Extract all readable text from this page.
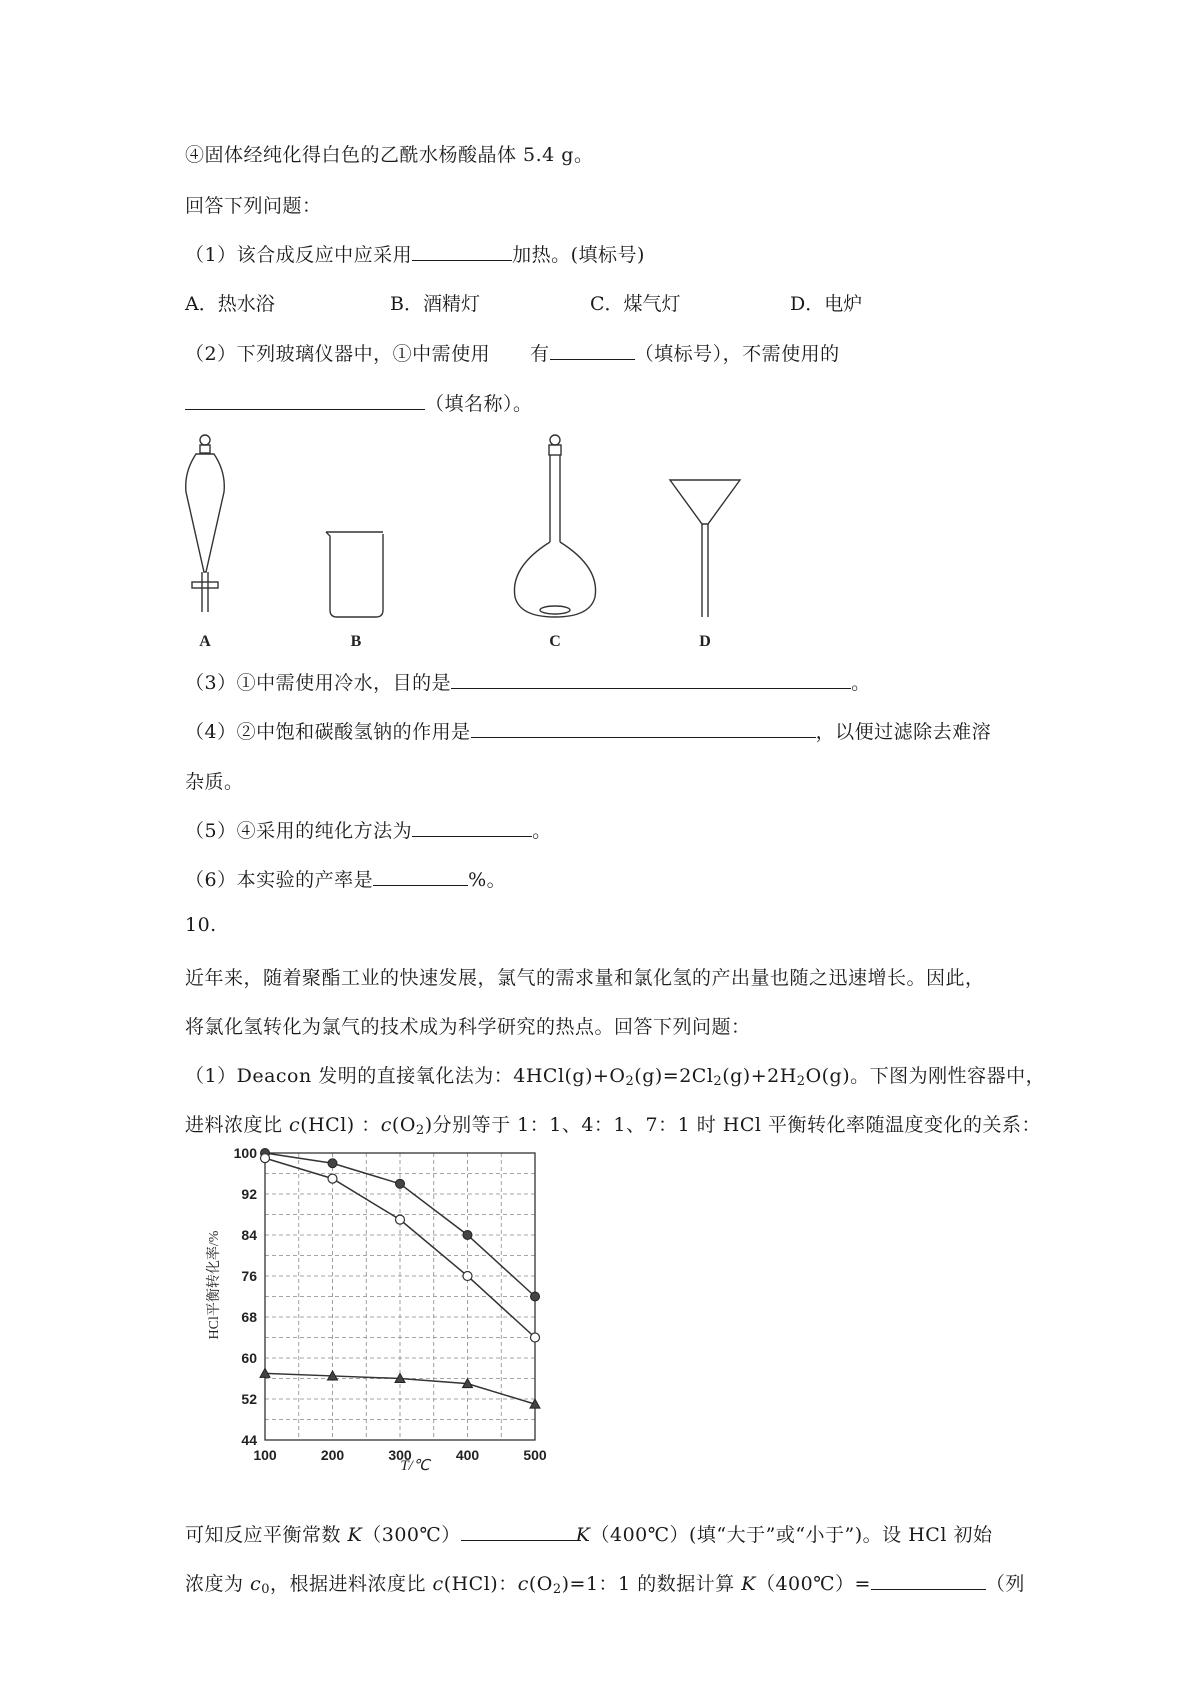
④固体经纯化得白色的乙酰水杨酸晶体 5.4 g。
回答下列问题：
（1）该合成反应中应采用	加热。(填标号)
A．热水浴	B．酒精灯	C．煤气灯	D．电炉
（2）下列玻璃仪器中，①中需使用 有	（填标号），不需使用的
（填名称）。
A	B	C	D
（3）①中需使用冷水，目的是	。
（4）②中饱和碳酸氢钠的作用是	，以便过滤除去难溶
杂质。
（5）④采用的纯化方法为	。
（6）本实验的产率是	%。
10.
近年来，随着聚酯工业的快速发展，氯气的需求量和氯化氢的产出量也随之迅速增长。因此，
将氯化氢转化为氯气的技术成为科学研究的热点。回答下列问题：
（1）Deacon 发明的直接氧化法为：$4HCl(g)+O_2(g)=2Cl_2(g)+2H_2O(g)$。下图为刚性容器中，
进料浓度比 c(HCl) ：$c(O_2)$分别等于 1：1、4：1、7：1 时 HCl 平衡转化率随温度变化的关系：
100	200	300	400	500
44
52
60
68
76
84
92
100
T/℃
HCl平衡转化率/%
可知反应平衡常数 K（300℃）	K（400℃）(填“大于”或“小于”)。设 HCl 初始
浓度为 $c_0$，根据进料浓度比 c(HCl)：$c(O_2)=1$：1 的数据计算 K（400℃）=	（列
